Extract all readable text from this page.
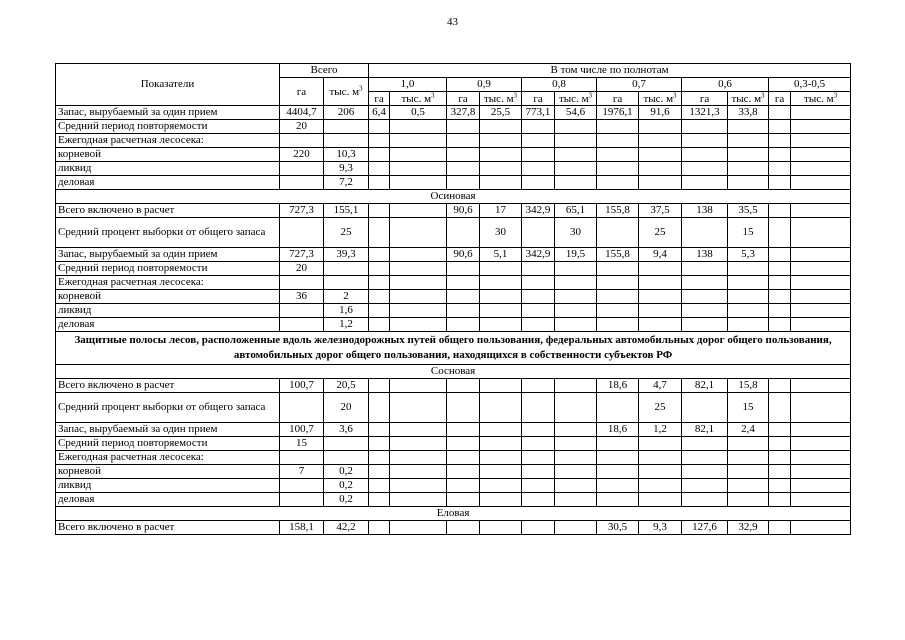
43
Показатели	Всего		В том числе по полнотам											
	га	тыс. $м^3$	1,0		0,9		0,8		0,7		0,6		0,3-0,5	
			га	тыс. $м^3$	га	тыс. $м^3$	га	тыс. $м^3$	га	тыс. $м^3$	га	тыс. $м^3$	га	тыс. $м^3$
Запас, вырубаемый за один прием	4404,7	206	6,4	0,5	327,8	25,5	773,1	54,6	1976,1	91,6	1321,3	33,8		
Средний период повторяемости	20													
Ежегодная расчетная лесосека:														
корневой	220	10,3												
ликвид		9,3												
деловая		7,2												
Осиновая														
Всего включено в расчет	727,3	155,1			90,6	17	342,9	65,1	155,8	37,5	138	35,5		
Средний процент выборки от общего запаса		25				30		30		25		15		
Запас, вырубаемый за один прием	727,3	39,3			90,6	5,1	342,9	19,5	155,8	9,4	138	5,3		
Средний период повторяемости	20													
Ежегодная расчетная лесосека:														
корневой	36	2												
ликвид		1,6												
деловая		1,2												
Защитные полосы лесов, расположенные вдоль железнодорожных путей общего пользования, федеральных автомобильных дорог общего пользования, автомобильных дорог общего пользования, находящихся в собственности субъектов РФ														
Сосновая														
Всего включено в расчет	100,7	20,5							18,6	4,7	82,1	15,8		
Средний процент выборки от общего запаса		20								25		15		
Запас, вырубаемый за один прием	100,7	3,6							18,6	1,2	82,1	2,4		
Средний период повторяемости	15													
Ежегодная расчетная лесосека:														
корневой	7	0,2												
ликвид		0,2												
деловая		0,2												
Еловая														
Всего включено в расчет	158,1	42,2							30,5	9,3	127,6	32,9		
